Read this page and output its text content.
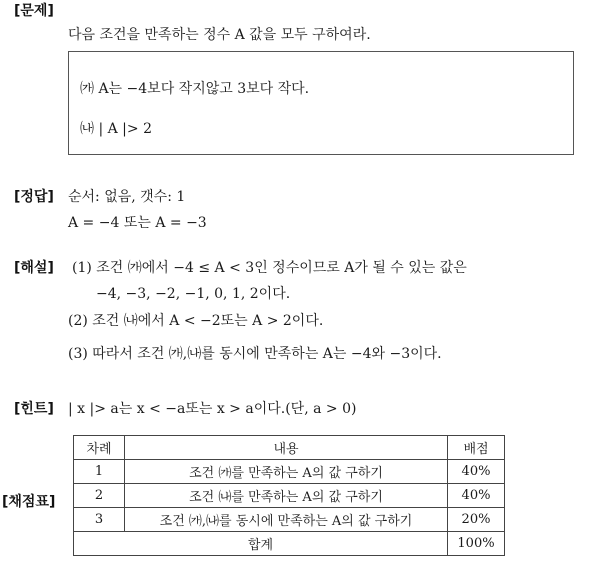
[문제]
다음 조건을 만족하는 정수 A 값을 모두 구하여라.
㈎ A는 −4보다 작지않고 3보다 작다.
㈏ | A |> 2
[정답] 순서: 없음, 갯수: 1
A = −4 또는 A = −3
[해설] (1) 조건 ㈎에서 −4 ≤ A < 3인 정수이므로 A가 될 수 있는 값은
−4, −3, −2, −1, 0, 1, 2이다.
(2) 조건 ㈏에서 A < −2또는 A > 2이다.
(3) 따라서 조건 ㈎,㈏를 동시에 만족하는 A는 −4와 −3이다.
[힌트] | x |> a는 x < −a또는 x > a이다.(단, a > 0)
[채점표]
차례	내용	배점
1	조건 ㈎를 만족하는 A의 값 구하기	40%
2	조건 ㈏를 만족하는 A의 값 구하기	40%
3	조건 ㈎,㈏를 동시에 만족하는 A의 값 구하기	20%
합계		100%
